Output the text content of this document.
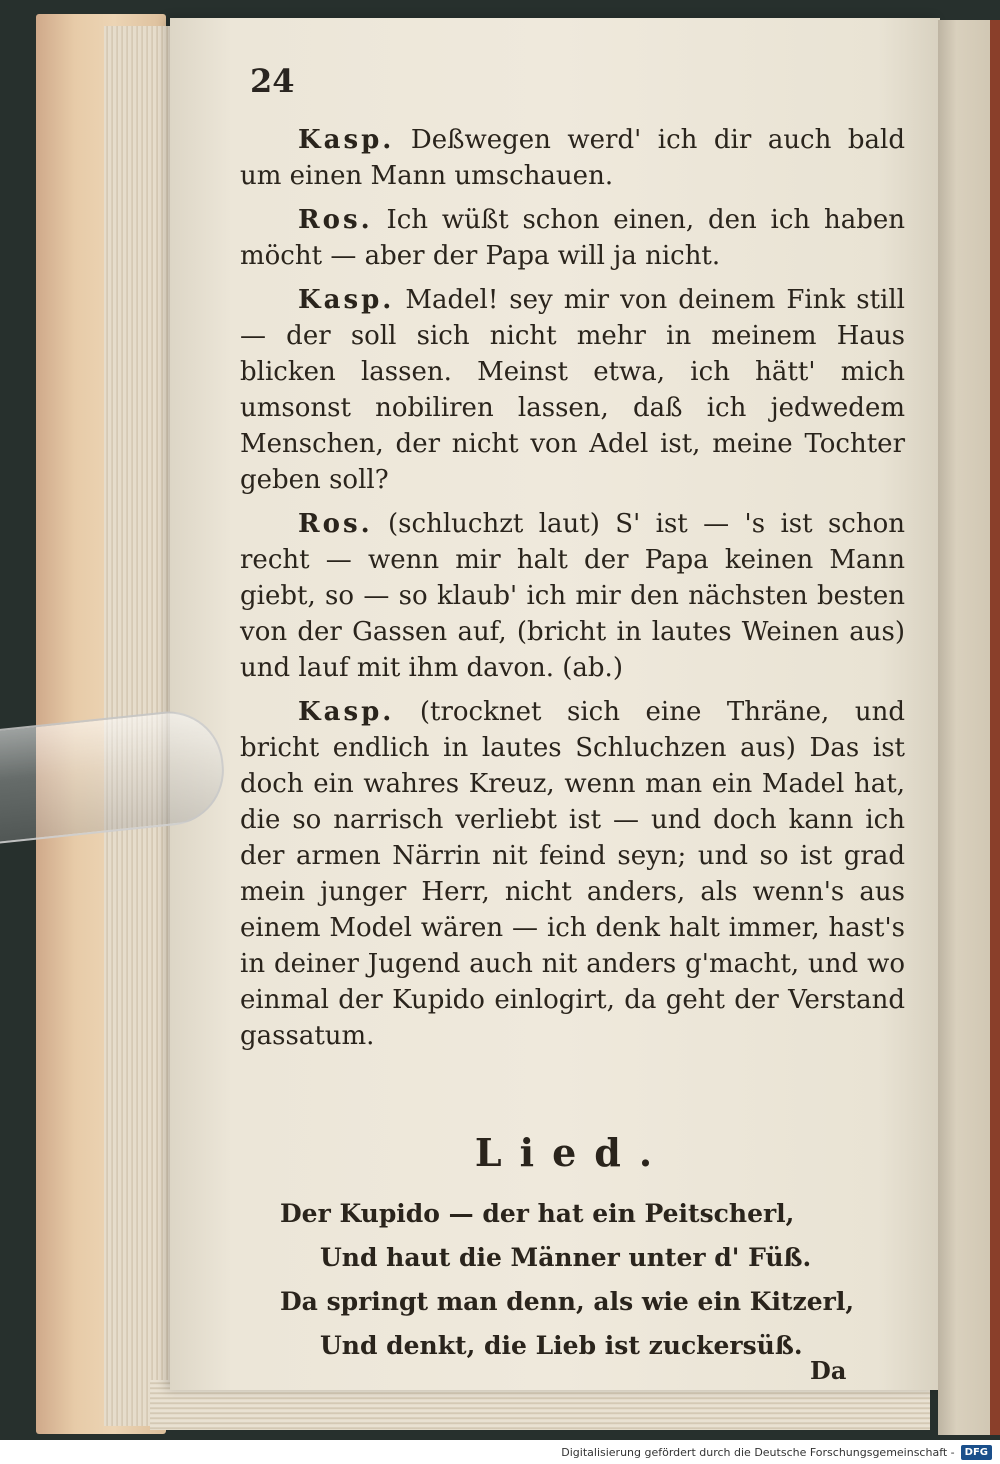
24

Kasp. Deßwegen werd' ich dir auch bald um einen Mann umschauen.

Ros. Ich wüßt schon einen, den ich haben möcht — aber der Papa will ja nicht.

Kasp. Madel! sey mir von deinem Fink still — der soll sich nicht mehr in meinem Haus blicken lassen. Meinst etwa, ich hätt' mich umsonst nobiliren lassen, daß ich jedwedem Menschen, der nicht von Adel ist, meine Tochter geben soll?

Ros. (schluchzt laut) S' ist — 's ist schon recht — wenn mir halt der Papa keinen Mann giebt, so — so klaub' ich mir den nächsten besten von der Gassen auf, (bricht in lautes Weinen aus) und lauf mit ihm davon. (ab.)

Kasp. (trocknet sich eine Thräne, und bricht endlich in lautes Schluchzen aus) Das ist doch ein wahres Kreuz, wenn man ein Madel hat, die so narrisch verliebt ist — und doch kann ich der armen Närrin nit feind seyn; und so ist grad mein junger Herr, nicht anders, als wenn's aus einem Model wären — ich denk halt immer, hast's in deiner Jugend auch nit anders g'macht, und wo einmal der Kupido einlogirt, da geht der Verstand gassatum.

Lied.
Der Kupido — der hat ein Peitscherl,
Und haut die Männer unter d' Füß.
Da springt man denn, als wie ein Kitzerl,
Und denkt, die Lieb ist zuckersüß.
Da
Digitalisierung gefördert durch die Deutsche Forschungsgemeinschaft -	DFG
